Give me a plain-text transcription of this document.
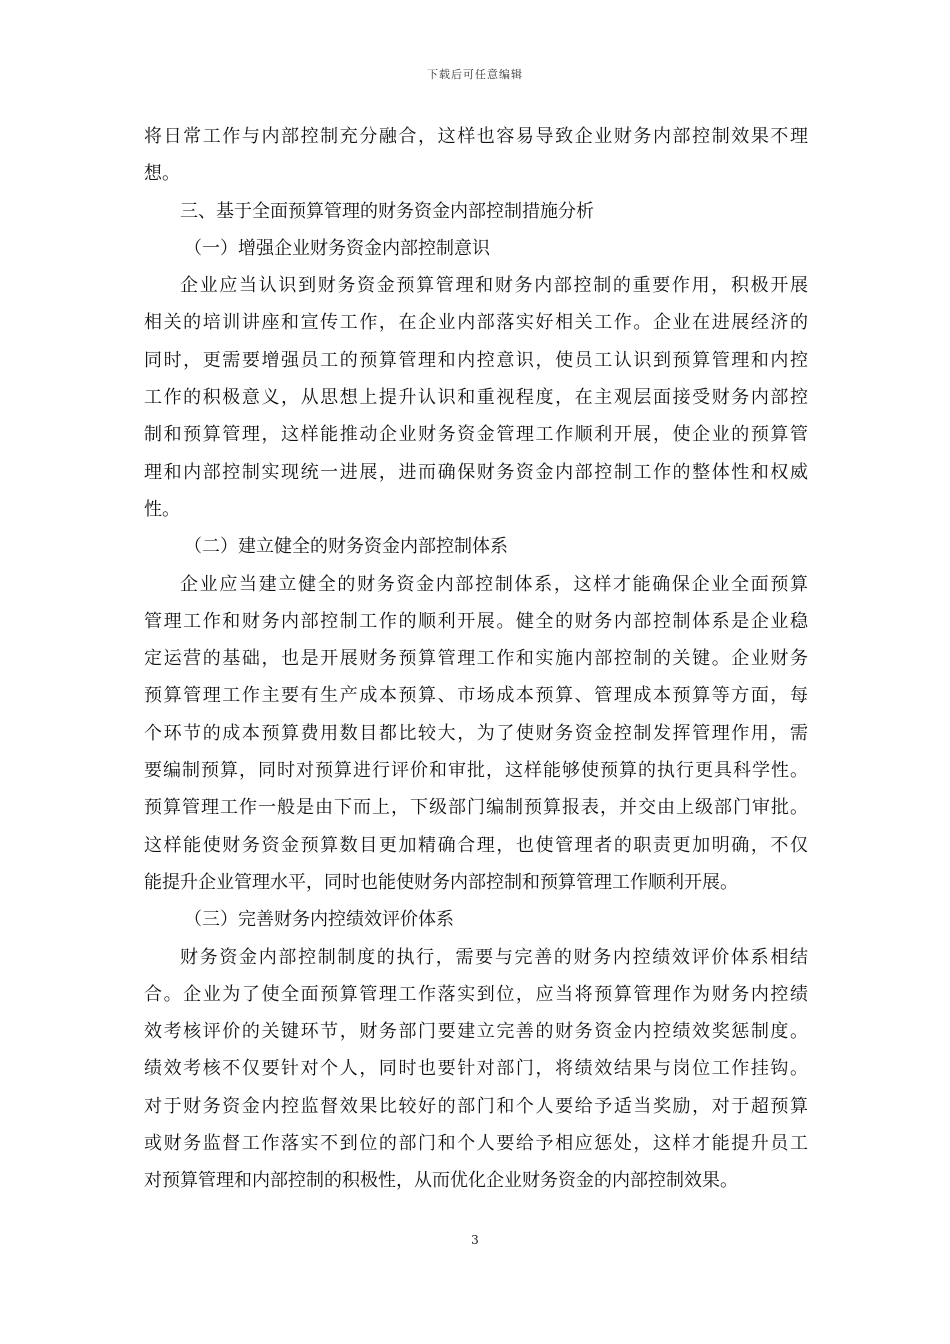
下载后可任意编辑
将日常工作与内部控制充分融合，这样也容易导致企业财务内部控制效果不理
想。
三、基于全面预算管理的财务资金内部控制措施分析
（一）增强企业财务资金内部控制意识
企业应当认识到财务资金预算管理和财务内部控制的重要作用，积极开展
相关的培训讲座和宣传工作，在企业内部落实好相关工作。企业在进展经济的
同时，更需要增强员工的预算管理和内控意识，使员工认识到预算管理和内控
工作的积极意义，从思想上提升认识和重视程度，在主观层面接受财务内部控
制和预算管理，这样能推动企业财务资金管理工作顺利开展，使企业的预算管
理和内部控制实现统一进展，进而确保财务资金内部控制工作的整体性和权威
性。
（二）建立健全的财务资金内部控制体系
企业应当建立健全的财务资金内部控制体系，这样才能确保企业全面预算
管理工作和财务内部控制工作的顺利开展。健全的财务内部控制体系是企业稳
定运营的基础，也是开展财务预算管理工作和实施内部控制的关键。企业财务
预算管理工作主要有生产成本预算、市场成本预算、管理成本预算等方面，每
个环节的成本预算费用数目都比较大，为了使财务资金控制发挥管理作用，需
要编制预算，同时对预算进行评价和审批，这样能够使预算的执行更具科学性。
预算管理工作一般是由下而上，下级部门编制预算报表，并交由上级部门审批。
这样能使财务资金预算数目更加精确合理，也使管理者的职责更加明确，不仅
能提升企业管理水平，同时也能使财务内部控制和预算管理工作顺利开展。
（三）完善财务内控绩效评价体系
财务资金内部控制制度的执行，需要与完善的财务内控绩效评价体系相结
合。企业为了使全面预算管理工作落实到位，应当将预算管理作为财务内控绩
效考核评价的关键环节，财务部门要建立完善的财务资金内控绩效奖惩制度。
绩效考核不仅要针对个人，同时也要针对部门，将绩效结果与岗位工作挂钩。
对于财务资金内控监督效果比较好的部门和个人要给予适当奖励，对于超预算
或财务监督工作落实不到位的部门和个人要给予相应惩处，这样才能提升员工
对预算管理和内部控制的积极性，从而优化企业财务资金的内部控制效果。
3
